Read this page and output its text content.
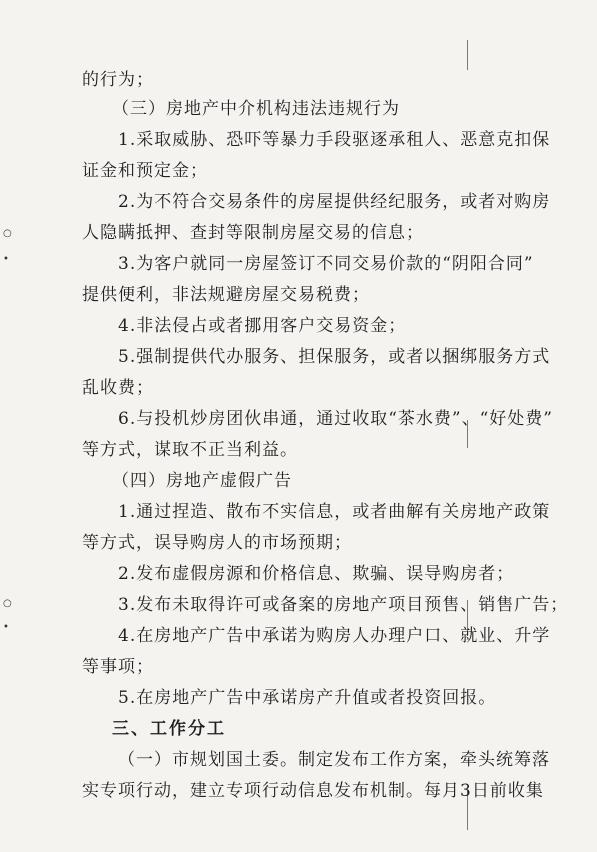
​
○
•
○
•
的行为；
（三）房地产中介机构违法违规行为
1.采取威胁、恐吓等暴力手段驱逐承租人、恶意克扣保
证金和预定金；
2.为不符合交易条件的房屋提供经纪服务，或者对购房
人隐瞒抵押、查封等限制房屋交易的信息；
3.为客户就同一房屋签订不同交易价款的“阴阳合同”
提供便利，非法规避房屋交易税费；
4.非法侵占或者挪用客户交易资金；
5.强制提供代办服务、担保服务，或者以捆绑服务方式
乱收费；
6.与投机炒房团伙串通，通过收取“茶水费”、“好处费”
等方式，谋取不正当利益。
（四）房地产虚假广告
1.通过捏造、散布不实信息，或者曲解有关房地产政策
等方式，误导购房人的市场预期；
2.发布虚假房源和价格信息、欺骗、误导购房者；
3.发布未取得许可或备案的房地产项目预售、销售广告；
4.在房地产广告中承诺为购房人办理户口、就业、升学
等事项；
5.在房地产广告中承诺房产升值或者投资回报。
三、工作分工
（一）市规划国土委。制定发布工作方案，牵头统筹落
实专项行动，建立专项行动信息发布机制。每月3日前收集
